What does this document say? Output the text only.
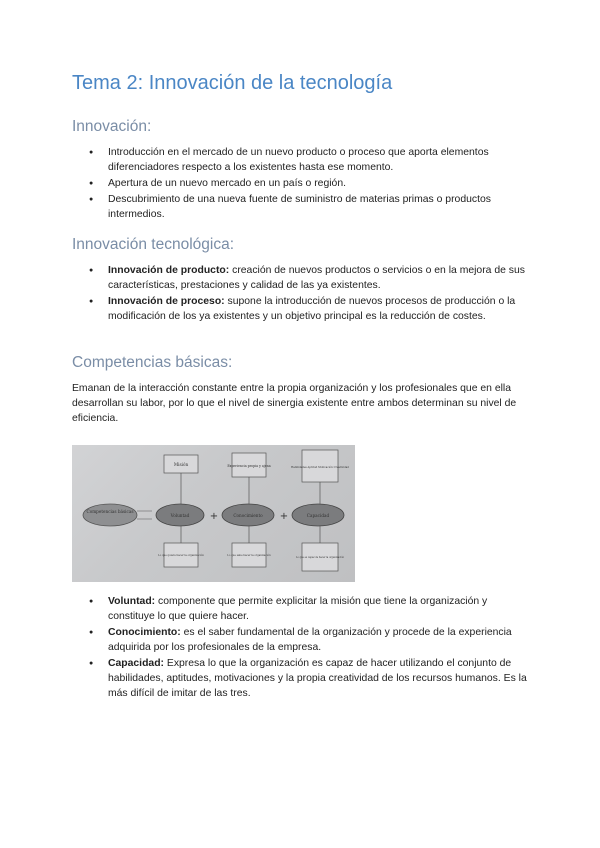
Tema 2: Innovación de la tecnología
Innovación:
● Introducción en el mercado de un nuevo producto o proceso que aporta elementos diferenciadores respecto a los existentes hasta ese momento.
● Apertura de un nuevo mercado en un país o región.
● Descubrimiento de una nueva fuente de suministro de materias primas o productos intermedios.
Innovación tecnológica:
● Innovación de producto: creación de nuevos productos o servicios o en la mejora de sus características, prestaciones y calidad de las ya existentes.
● Innovación de proceso: supone la introducción de nuevos procesos de producción o la modificación de los ya existentes y un objetivo principal es la reducción de costes.
Competencias básicas:

Emanan de la interacción constante entre la propia organización y los profesionales que en ella desarrollan su labor, por lo que el nivel de sinergia existente entre ambos determinan su nivel de eficiencia.

Competencias básicas
Voluntad	Conocimiento	Capacidad
+	+
Misión	Experiencia propia y ajena	Habilidades Aptitud Motivación Creatividad
Lo que quiere hacer la organización	Lo que sabe hacer la organización
Lo que es capaz de hacer la organización
● Voluntad: componente que permite explicitar la misión que tiene la organización y constituye lo que quiere hacer.
● Conocimiento: es el saber fundamental de la organización y procede de la experiencia adquirida por los profesionales de la empresa.
● Capacidad: Expresa lo que la organización es capaz de hacer utilizando el conjunto de habilidades, aptitudes, motivaciones y la propia creatividad de los recursos humanos. Es la más difícil de imitar de las tres.
